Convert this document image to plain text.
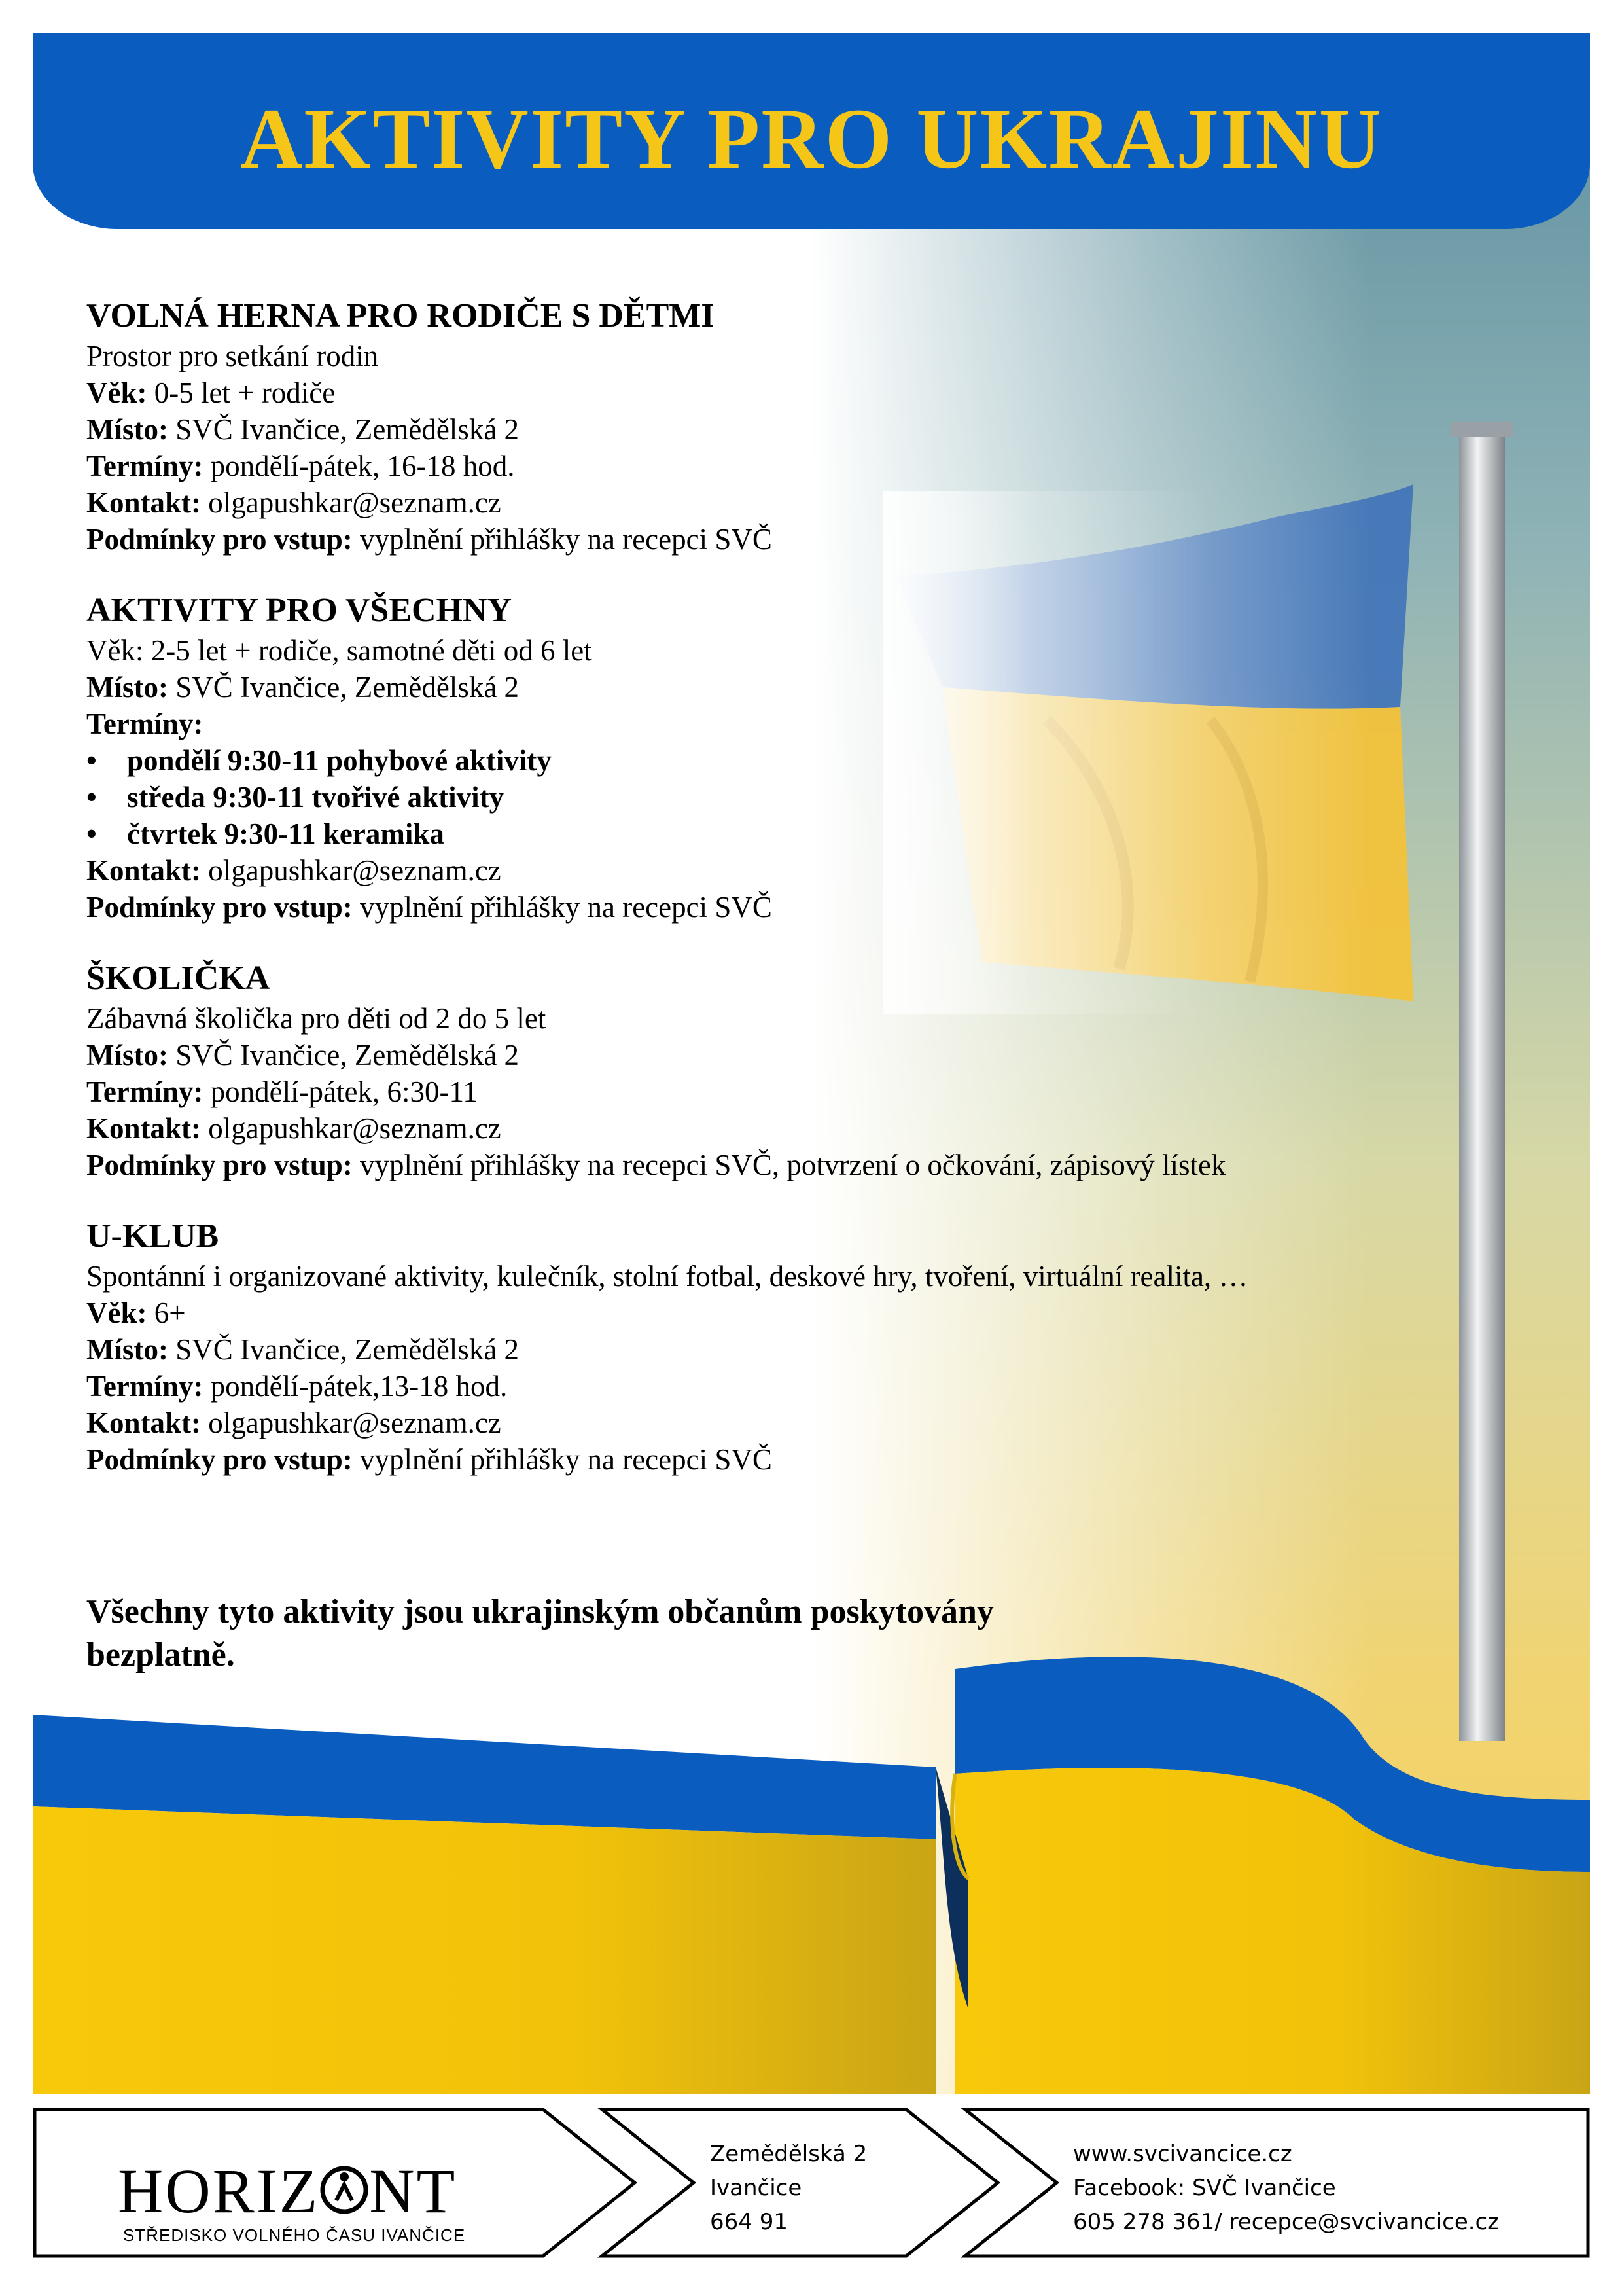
AKTIVITY PRO UKRAJINU

VOLNÁ HERNA PRO RODIČE S DĚTMI

Prostor pro setkání rodin

Věk: 0-5 let + rodiče

Místo: SVČ Ivančice, Zemědělská 2

Termíny: pondělí-pátek, 16-18 hod.

Kontakt: olgapushkar@seznam.cz

Podmínky pro vstup: vyplnění přihlášky na recepci SVČ

AKTIVITY PRO VŠECHNY

Věk: 2-5 let + rodiče, samotné děti od 6 let

Místo: SVČ Ivančice, Zemědělská 2

Termíny:

• pondělí 9:30-11 pohybové aktivity
• středa 9:30-11 tvořivé aktivity
• čtvrtek 9:30-11 keramika

Kontakt: olgapushkar@seznam.cz

Podmínky pro vstup: vyplnění přihlášky na recepci SVČ

ŠKOLIČKA

Zábavná školička pro děti od 2 do 5 let

Místo: SVČ Ivančice, Zemědělská 2

Termíny: pondělí-pátek, 6:30-11

Kontakt: olgapushkar@seznam.cz

Podmínky pro vstup: vyplnění přihlášky na recepci SVČ, potvrzení o očkování, zápisový lístek

U-KLUB

Spontánní i organizované aktivity, kulečník, stolní fotbal, deskové hry, tvoření, virtuální realita, …

Věk: 6+

Místo: SVČ Ivančice, Zemědělská 2

Termíny: pondělí-pátek,13-18 hod.

Kontakt: olgapushkar@seznam.cz

Podmínky pro vstup: vyplnění přihlášky na recepci SVČ

Všechny tyto aktivity jsou ukrajinským občanům poskytovány bezplatně.

HORIZ NT

STŘEDISKO VOLNÉHO ČASU IVANČICE

Zemědělská 2

Ivančice

664 91

www.svcivancice.cz

Facebook: SVČ Ivančice

605 278 361/ recepce@svcivancice.cz
